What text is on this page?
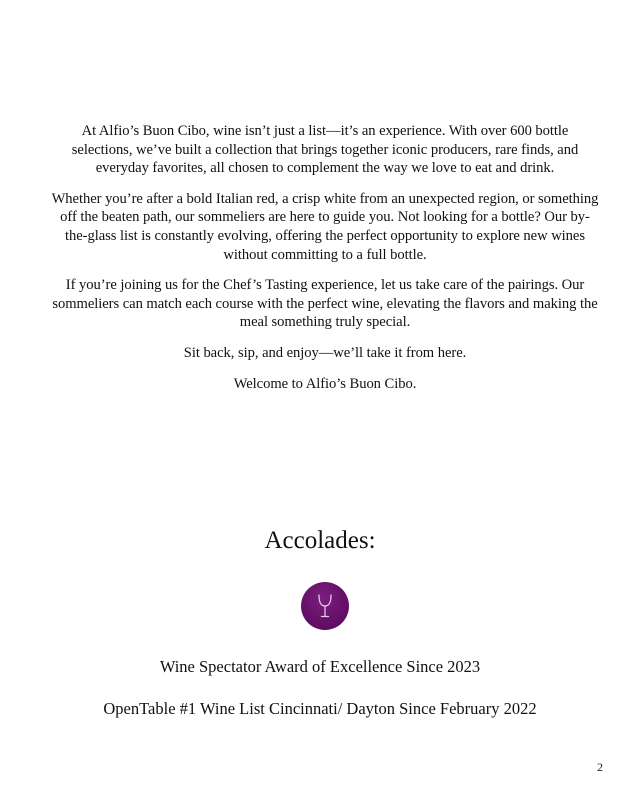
At Alfio’s Buon Cibo, wine isn’t just a list—it’s an experience. With over 600 bottle selections, we’ve built a collection that brings together iconic producers, rare finds, and everyday favorites, all chosen to complement the way we love to eat and drink.

Whether you’re after a bold Italian red, a crisp white from an unexpected region, or something off the beaten path, our sommeliers are here to guide you. Not looking for a bottle? Our by-the-glass list is constantly evolving, offering the perfect opportunity to explore new wines without committing to a full bottle.

If you’re joining us for the Chef’s Tasting experience, let us take care of the pairings. Our sommeliers can match each course with the perfect wine, elevating the flavors and making the meal something truly special.

Sit back, sip, and enjoy—we’ll take it from here.

Welcome to Alfio’s Buon Cibo.

Accolades:

Wine Spectator Award of Excellence Since 2023

OpenTable #1 Wine List Cincinnati/ Dayton Since February 2022

2
